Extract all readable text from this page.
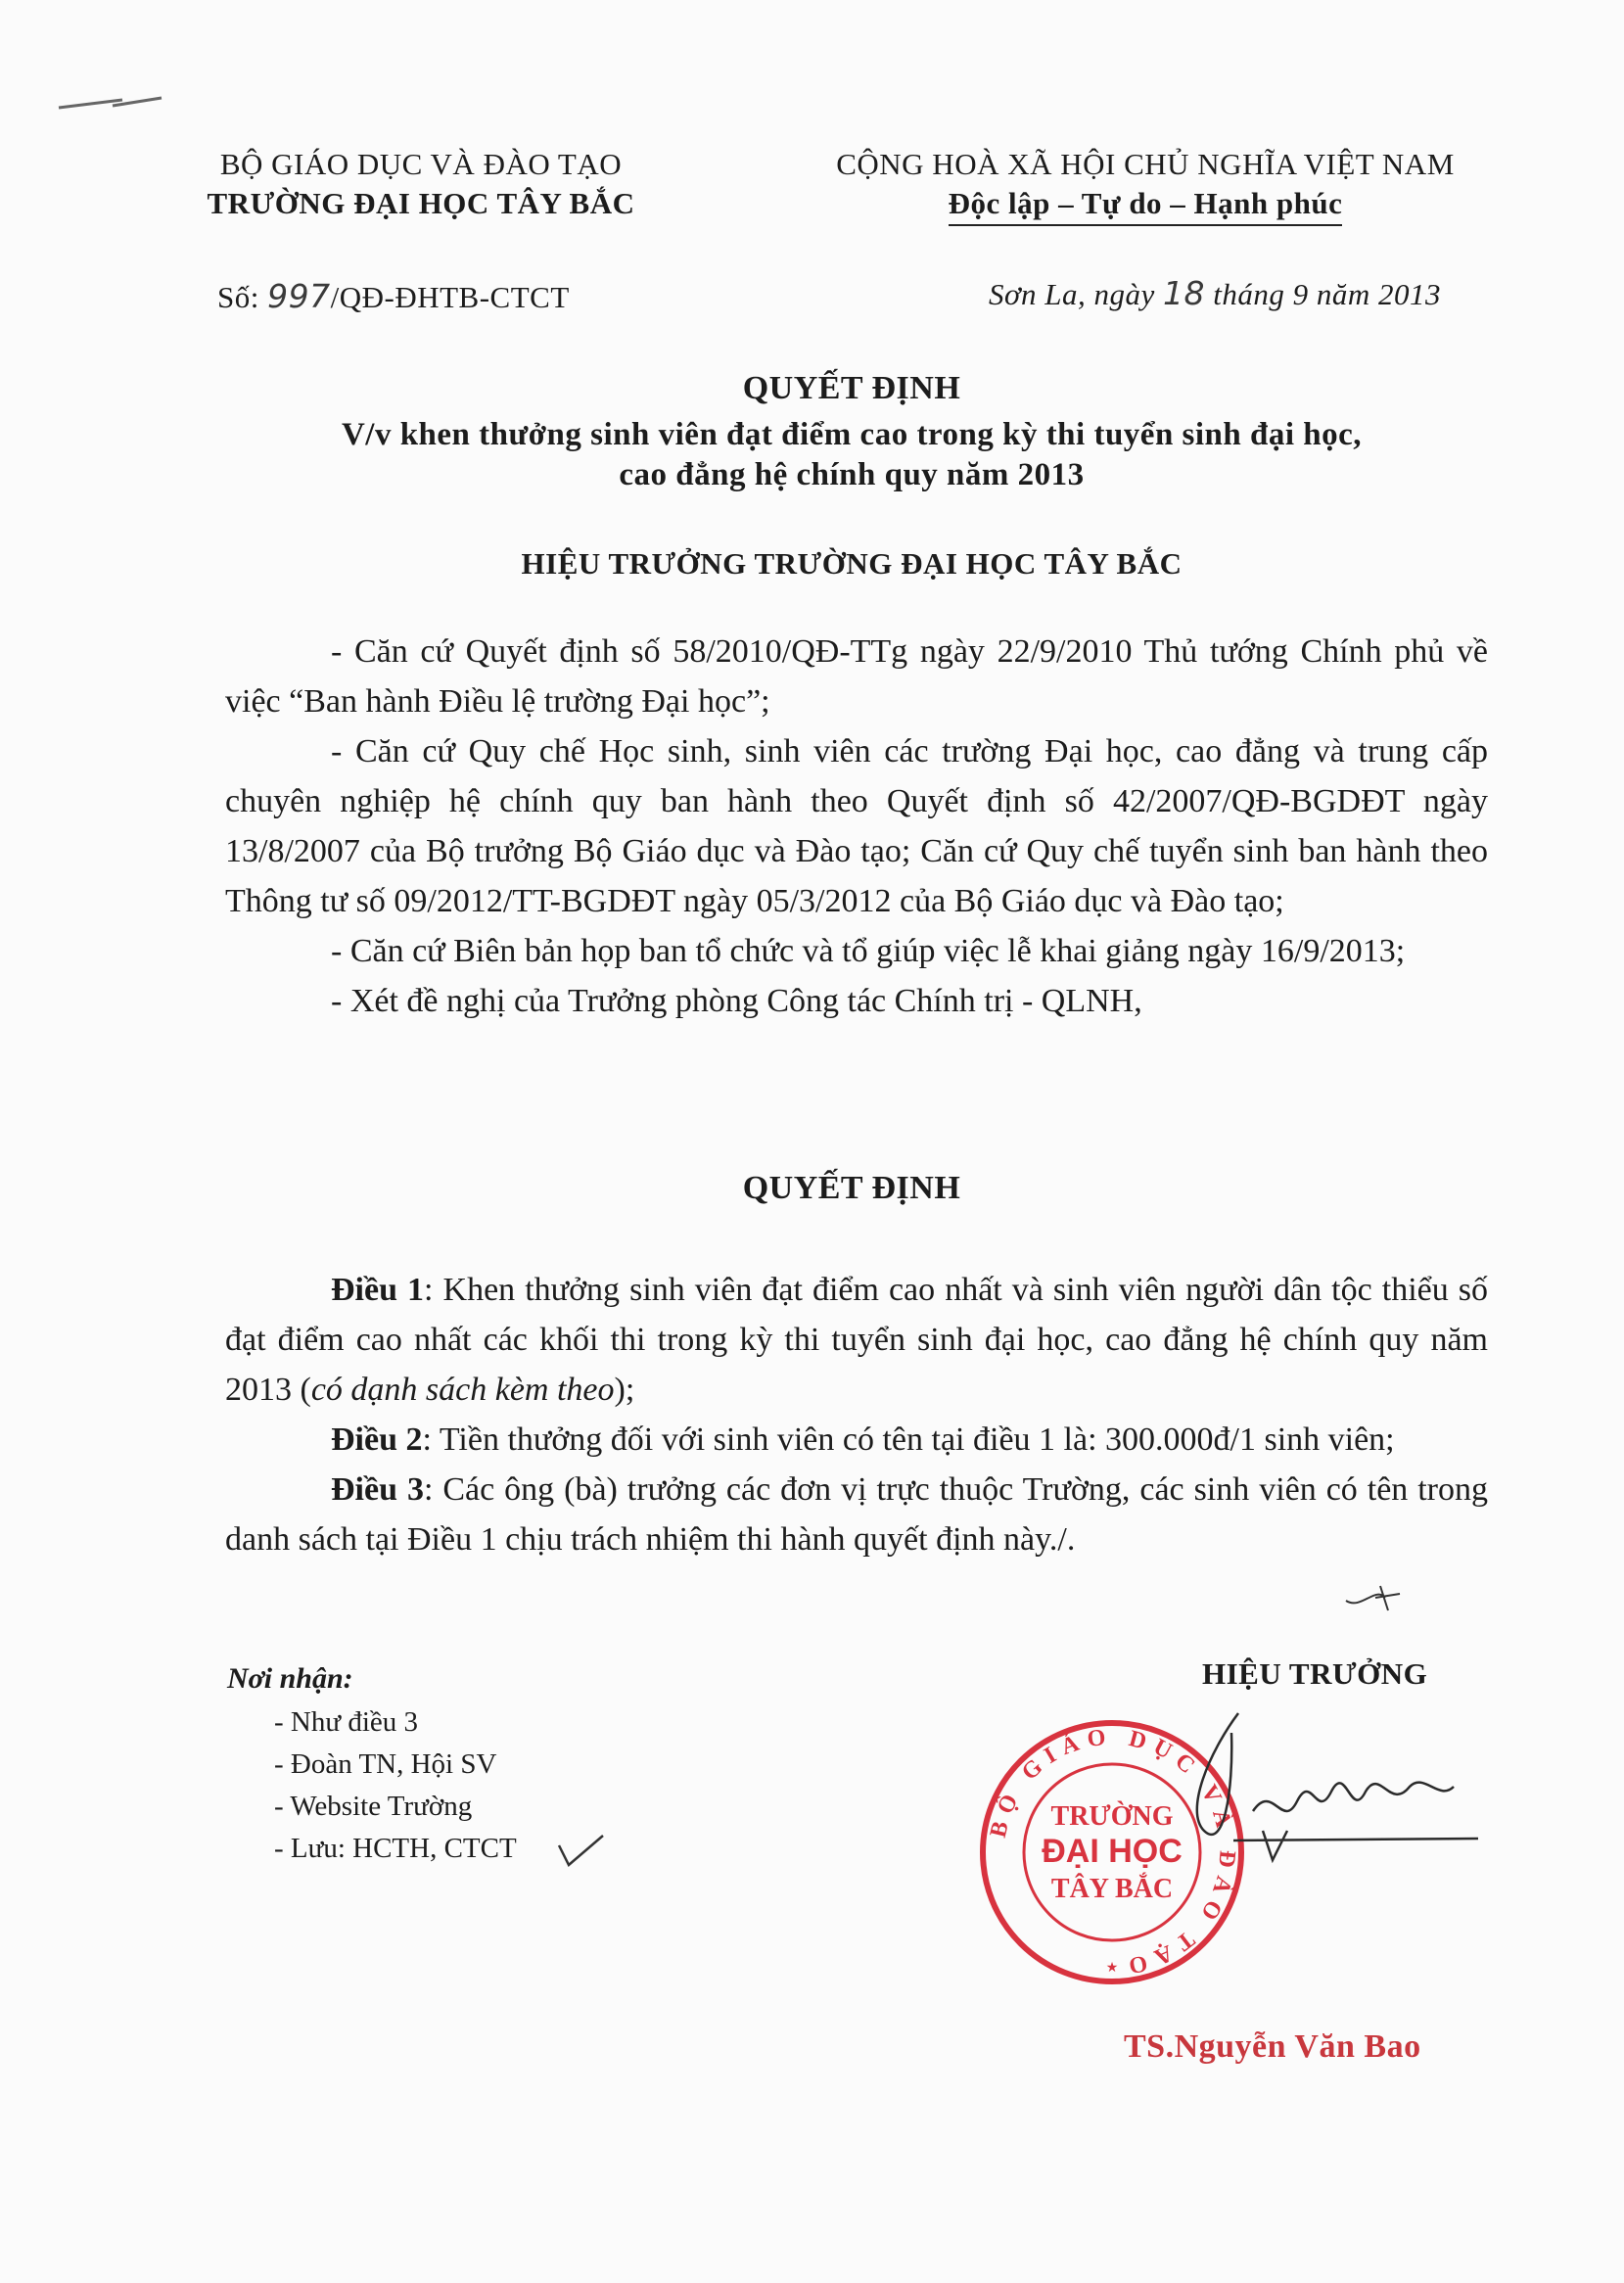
BỘ GIÁO DỤC VÀ ĐÀO TẠO
TRƯỜNG ĐẠI HỌC TÂY BẮC
CỘNG HOÀ XÃ HỘI CHỦ NGHĨA VIỆT NAM
Độc lập – Tự do – Hạnh phúc
Số: 997/QĐ-ĐHTB-CTCT	Sơn La, ngày 18 tháng 9 năm 2013
QUYẾT ĐỊNH
V/v khen thưởng sinh viên đạt điểm cao trong kỳ thi tuyển sinh đại học,
cao đẳng hệ chính quy năm 2013
HIỆU TRƯỞNG TRƯỜNG ĐẠI HỌC TÂY BẮC

- Căn cứ Quyết định số 58/2010/QĐ-TTg ngày 22/9/2010 Thủ tướng Chính phủ về việc “Ban hành Điều lệ trường Đại học”;

- Căn cứ Quy chế Học sinh, sinh viên các trường Đại học, cao đẳng và trung cấp chuyên nghiệp hệ chính quy ban hành theo Quyết định số 42/2007/QĐ-BGDĐT ngày 13/8/2007 của Bộ trưởng Bộ Giáo dục và Đào tạo; Căn cứ Quy chế tuyển sinh ban hành theo Thông tư số 09/2012/TT-BGDĐT ngày 05/3/2012 của Bộ Giáo dục và Đào tạo;

- Căn cứ Biên bản họp ban tổ chức và tổ giúp việc lễ khai giảng ngày 16/9/2013;

- Xét đề nghị của Trưởng phòng Công tác Chính trị - QLNH,

QUYẾT ĐỊNH

Điều 1: Khen thưởng sinh viên đạt điểm cao nhất và sinh viên người dân tộc thiểu số đạt điểm cao nhất các khối thi trong kỳ thi tuyển sinh đại học, cao đẳng hệ chính quy năm 2013 (có dạnh sách kèm theo);

Điều 2: Tiền thưởng đối với sinh viên có tên tại điều 1 là: 300.000đ/1 sinh viên;

Điều 3: Các ông (bà) trưởng các đơn vị trực thuộc Trường, các sinh viên có tên trong danh sách tại Điều 1 chịu trách nhiệm thi hành quyết định này./.

Nơi nhận:
- Như điều 3
- Đoàn TN, Hội SV
- Website Trường
- Lưu: HCTH, CTCT
HIỆU TRƯỞNG
BỘ GIÁO DỤC VÀ ĐÀO TẠO
TRƯỜNG
ĐẠI HỌC
TÂY BẮC
★
TS.Nguyễn Văn Bao
